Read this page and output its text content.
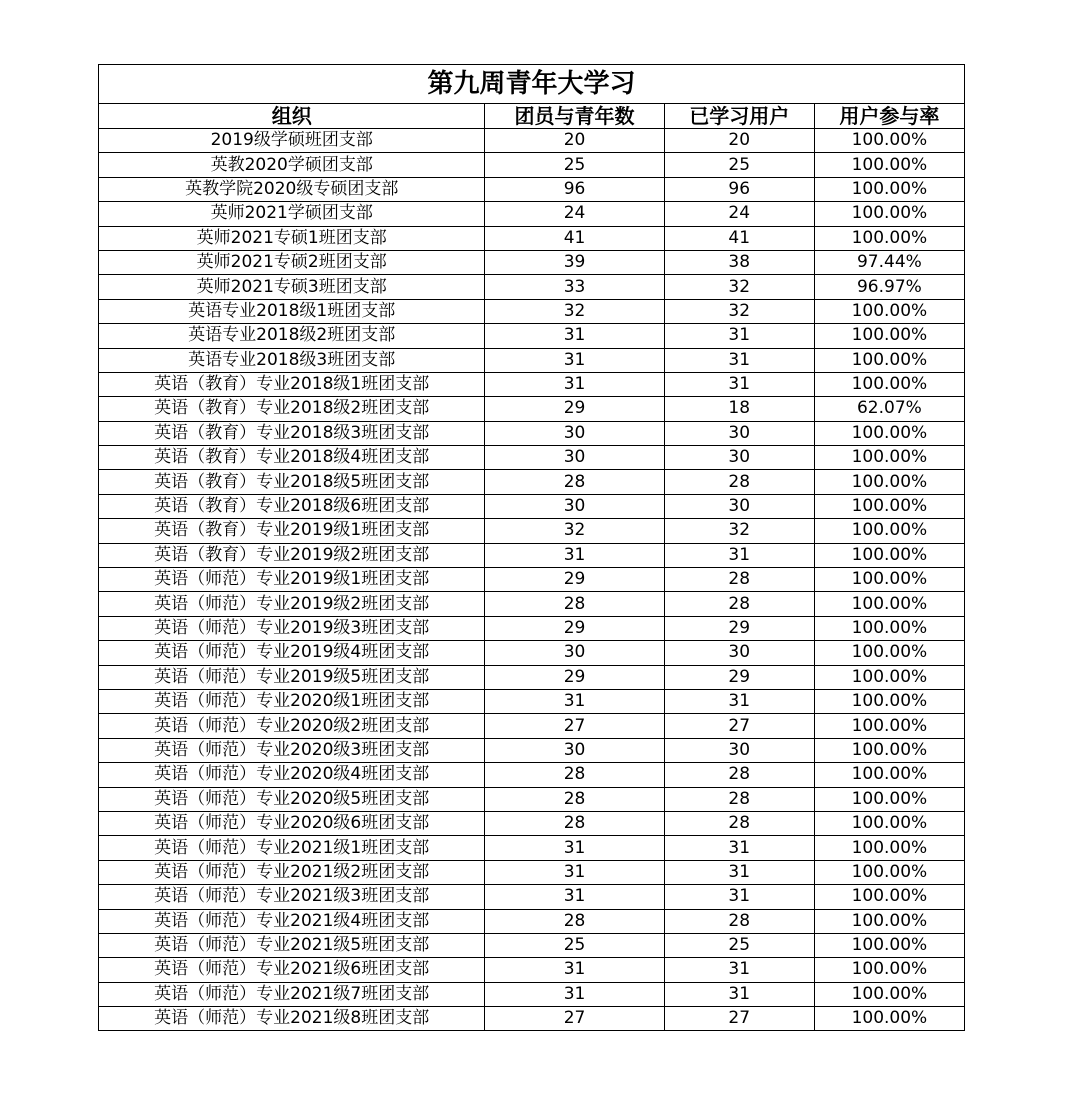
第九周青年大学习			
组织	团员与青年数	已学习用户	用户参与率
2019级学硕班团支部	20	20	100.00%
英教2020学硕团支部	25	25	100.00%
英教学院2020级专硕团支部	96	96	100.00%
英师2021学硕团支部	24	24	100.00%
英师2021专硕1班团支部	41	41	100.00%
英师2021专硕2班团支部	39	38	97.44%
英师2021专硕3班团支部	33	32	96.97%
英语专业2018级1班团支部	32	32	100.00%
英语专业2018级2班团支部	31	31	100.00%
英语专业2018级3班团支部	31	31	100.00%
英语（教育）专业2018级1班团支部	31	31	100.00%
英语（教育）专业2018级2班团支部	29	18	62.07%
英语（教育）专业2018级3班团支部	30	30	100.00%
英语（教育）专业2018级4班团支部	30	30	100.00%
英语（教育）专业2018级5班团支部	28	28	100.00%
英语（教育）专业2018级6班团支部	30	30	100.00%
英语（教育）专业2019级1班团支部	32	32	100.00%
英语（教育）专业2019级2班团支部	31	31	100.00%
英语（师范）专业2019级1班团支部	29	28	100.00%
英语（师范）专业2019级2班团支部	28	28	100.00%
英语（师范）专业2019级3班团支部	29	29	100.00%
英语（师范）专业2019级4班团支部	30	30	100.00%
英语（师范）专业2019级5班团支部	29	29	100.00%
英语（师范）专业2020级1班团支部	31	31	100.00%
英语（师范）专业2020级2班团支部	27	27	100.00%
英语（师范）专业2020级3班团支部	30	30	100.00%
英语（师范）专业2020级4班团支部	28	28	100.00%
英语（师范）专业2020级5班团支部	28	28	100.00%
英语（师范）专业2020级6班团支部	28	28	100.00%
英语（师范）专业2021级1班团支部	31	31	100.00%
英语（师范）专业2021级2班团支部	31	31	100.00%
英语（师范）专业2021级3班团支部	31	31	100.00%
英语（师范）专业2021级4班团支部	28	28	100.00%
英语（师范）专业2021级5班团支部	25	25	100.00%
英语（师范）专业2021级6班团支部	31	31	100.00%
英语（师范）专业2021级7班团支部	31	31	100.00%
英语（师范）专业2021级8班团支部	27	27	100.00%
